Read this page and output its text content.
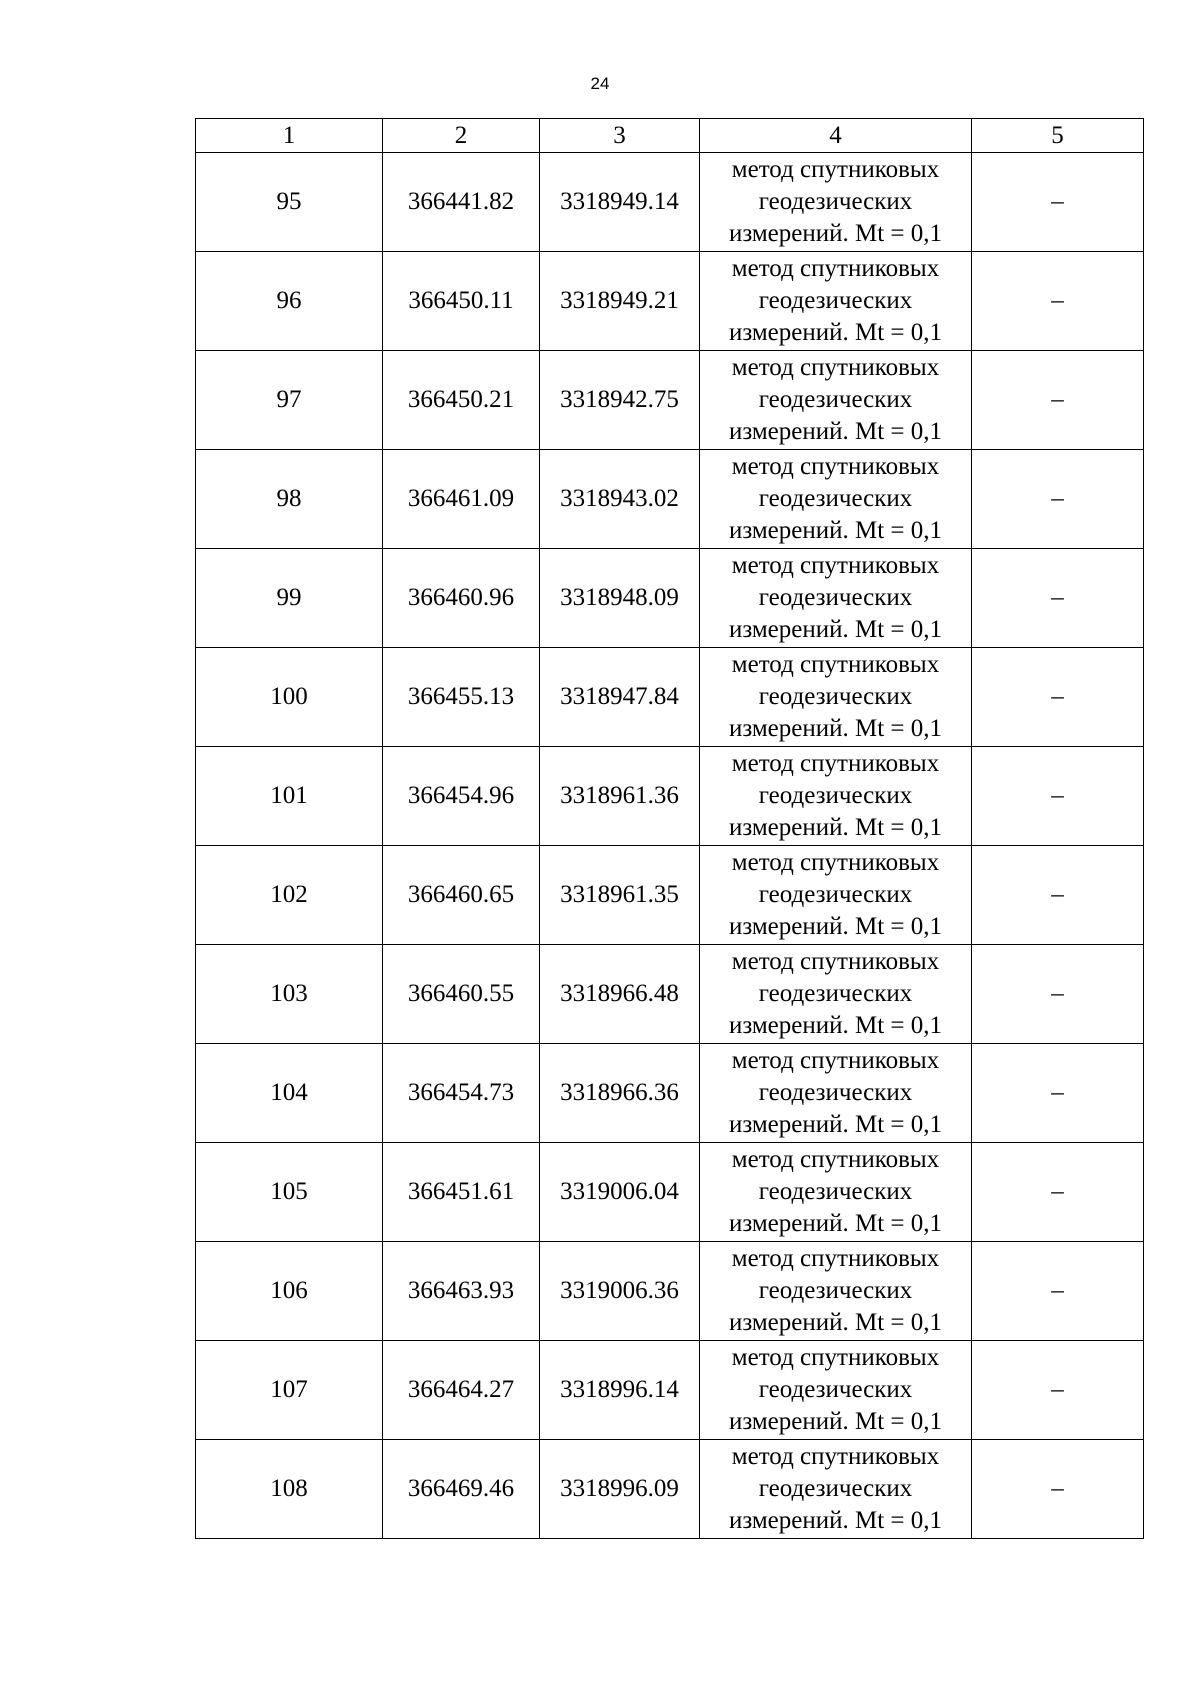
24
1	2	3	4	5
95	366441.82	3318949.14	метод спутниковых
геодезических
измерений. Mt = 0,1	–
96	366450.11	3318949.21	метод спутниковых
геодезических
измерений. Mt = 0,1	–
97	366450.21	3318942.75	метод спутниковых
геодезических
измерений. Mt = 0,1	–
98	366461.09	3318943.02	метод спутниковых
геодезических
измерений. Mt = 0,1	–
99	366460.96	3318948.09	метод спутниковых
геодезических
измерений. Mt = 0,1	–
100	366455.13	3318947.84	метод спутниковых
геодезических
измерений. Mt = 0,1	–
101	366454.96	3318961.36	метод спутниковых
геодезических
измерений. Mt = 0,1	–
102	366460.65	3318961.35	метод спутниковых
геодезических
измерений. Mt = 0,1	–
103	366460.55	3318966.48	метод спутниковых
геодезических
измерений. Mt = 0,1	–
104	366454.73	3318966.36	метод спутниковых
геодезических
измерений. Mt = 0,1	–
105	366451.61	3319006.04	метод спутниковых
геодезических
измерений. Mt = 0,1	–
106	366463.93	3319006.36	метод спутниковых
геодезических
измерений. Mt = 0,1	–
107	366464.27	3318996.14	метод спутниковых
геодезических
измерений. Mt = 0,1	–
108	366469.46	3318996.09	метод спутниковых
геодезических
измерений. Mt = 0,1	–
